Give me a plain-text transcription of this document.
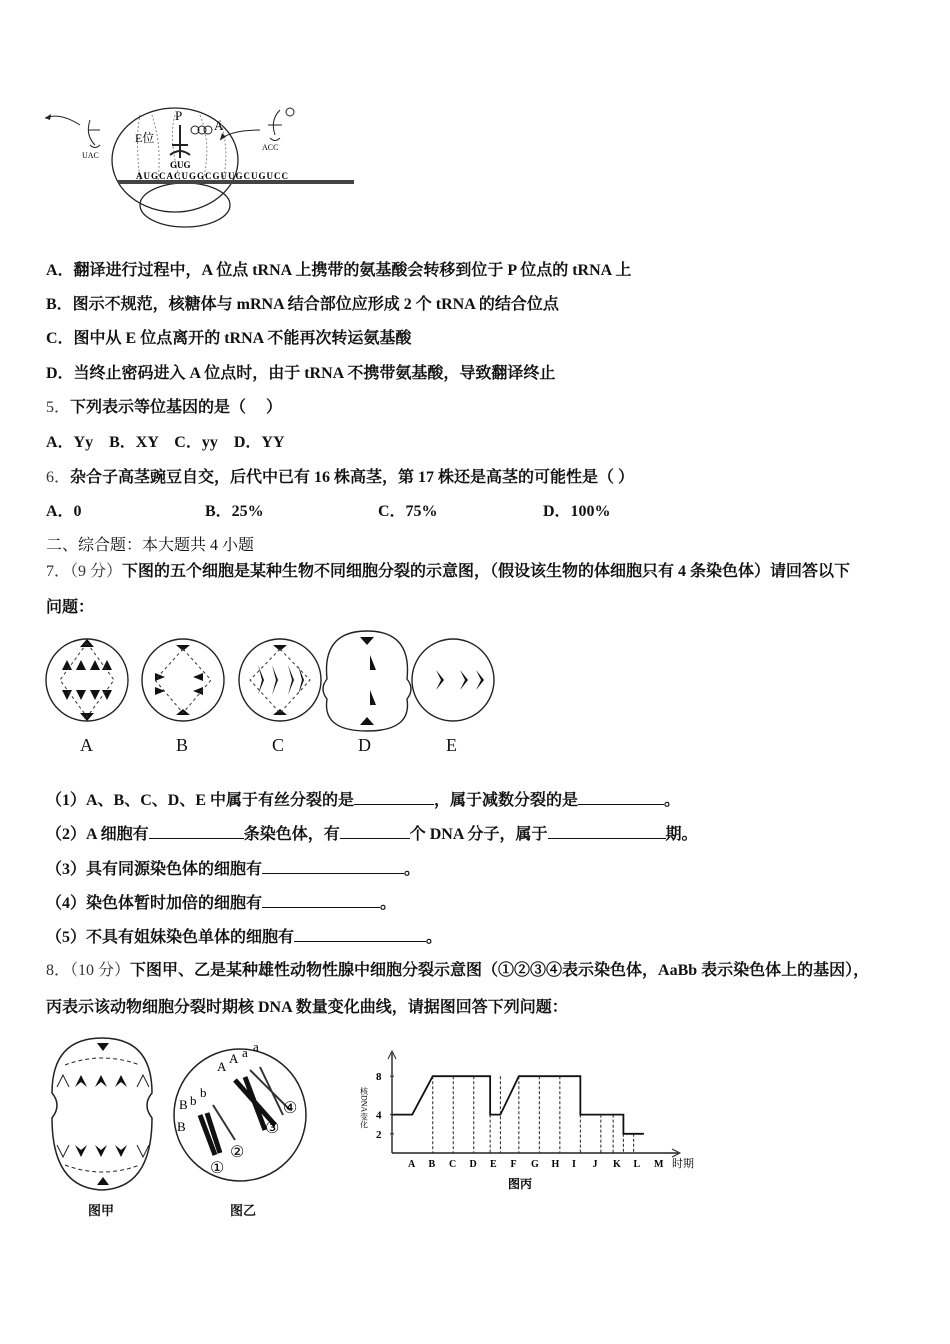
E位
P
A
UAC
ACC
GUG
AUGCACUGGCGUUGCUGUCC
A．翻译进行过程中，A 位点 tRNA 上携带的氨基酸会转移到位于 P 位点的 tRNA 上
B．图示不规范，核糖体与 mRNA 结合部位应形成 2 个 tRNA 的结合位点
C．图中从 E 位点离开的 tRNA 不能再次转运氨基酸
D．当终止密码进入 A 位点时，由于 tRNA 不携带氨基酸，导致翻译终止
5．下列表示等位基因的是（　 ）
A．Yy　B．XY　C．yy　D．YY
6．杂合子高茎豌豆自交，后代中已有 16 株高茎，第 17 株还是高茎的可能性是（ ）
A．0	B．25%	C．75%	D．100%
二、综合题：本大题共 4 小题
7．（9 分）下图的五个细胞是某种生物不同细胞分裂的示意图，（假设该生物的体细胞只有 4 条染色体）请回答以下
问题：
A	B	C	D	E
（1）A、B、C、D、E 中属于有丝分裂的是	，属于减数分裂的是	。
（2）A 细胞有	条染色体，有	个 DNA 分子，属于	期。
（3）具有同源染色体的细胞有	。
（4）染色体暂时加倍的细胞有	。
（5）不具有姐妹染色单体的细胞有	。
8．（10 分）下图甲、乙是某种雄性动物性腺中细胞分裂示意图（①②③④表示染色体，AaBb 表示染色体上的基因），
丙表示该动物细胞分裂时期核 DNA 数量变化曲线，请据图回答下列问题：
图甲
A
A a a
B b
b
B
①
②
③
④
图乙
核DNA变化
时期
图丙
8
4
2
A B C D E F G H I J K L M
